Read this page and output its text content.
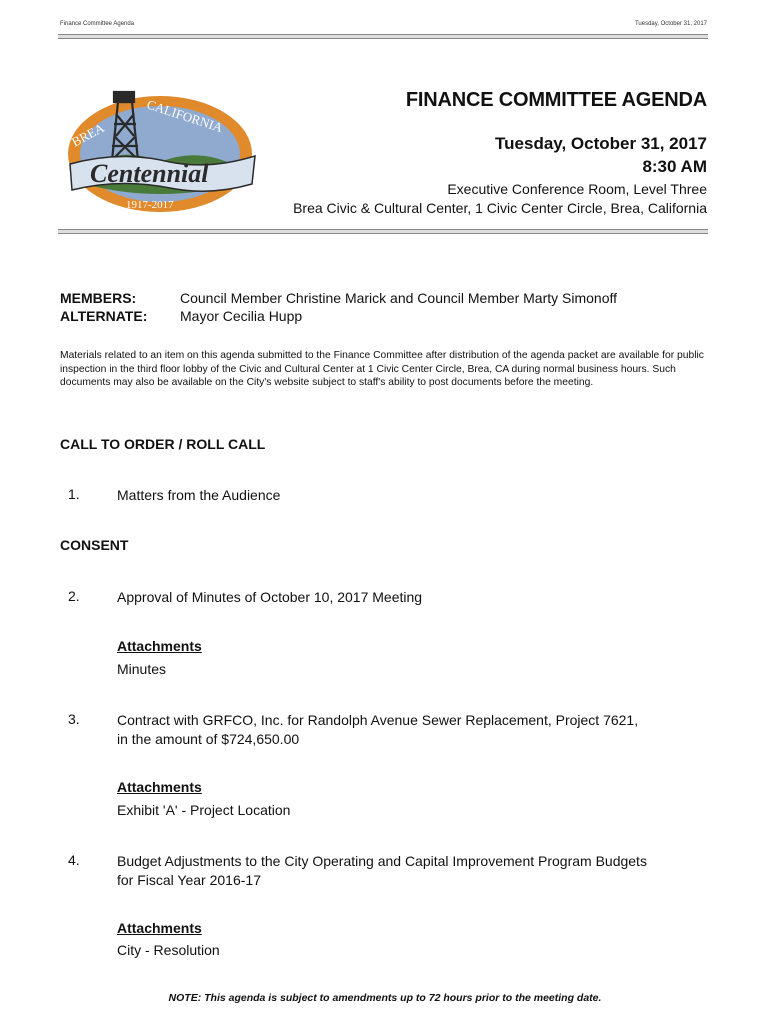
Finance Committee Agenda	Tuesday, October 31, 2017
BREA	CALIFORNIA
Centennial
1917-2017
FINANCE COMMITTEE AGENDA
Tuesday, October 31, 2017
8:30 AM
Executive Conference Room, Level Three
Brea Civic & Cultural Center, 1 Civic Center Circle, Brea, California
MEMBERS:	Council Member Christine Marick and Council Member Marty Simonoff
ALTERNATE: Mayor Cecilia Hupp
Materials related to an item on this agenda submitted to the Finance Committee after distribution of the agenda packet are available for public inspection in the third floor lobby of the Civic and Cultural Center at 1 Civic Center Circle, Brea, CA during normal business hours. Such documents may also be available on the City's website subject to staff's ability to post documents before the meeting.
CALL TO ORDER / ROLL CALL
1.	Matters from the Audience
CONSENT
2.	Approval of Minutes of October 10, 2017 Meeting
Attachments
Minutes
3.	Contract with GRFCO, Inc. for Randolph Avenue Sewer Replacement, Project 7621,
in the amount of $724,650.00
Attachments
Exhibit 'A' - Project Location
4.	Budget Adjustments to the City Operating and Capital Improvement Program Budgets
for Fiscal Year 2016-17
Attachments
City - Resolution
NOTE: This agenda is subject to amendments up to 72 hours prior to the meeting date.
